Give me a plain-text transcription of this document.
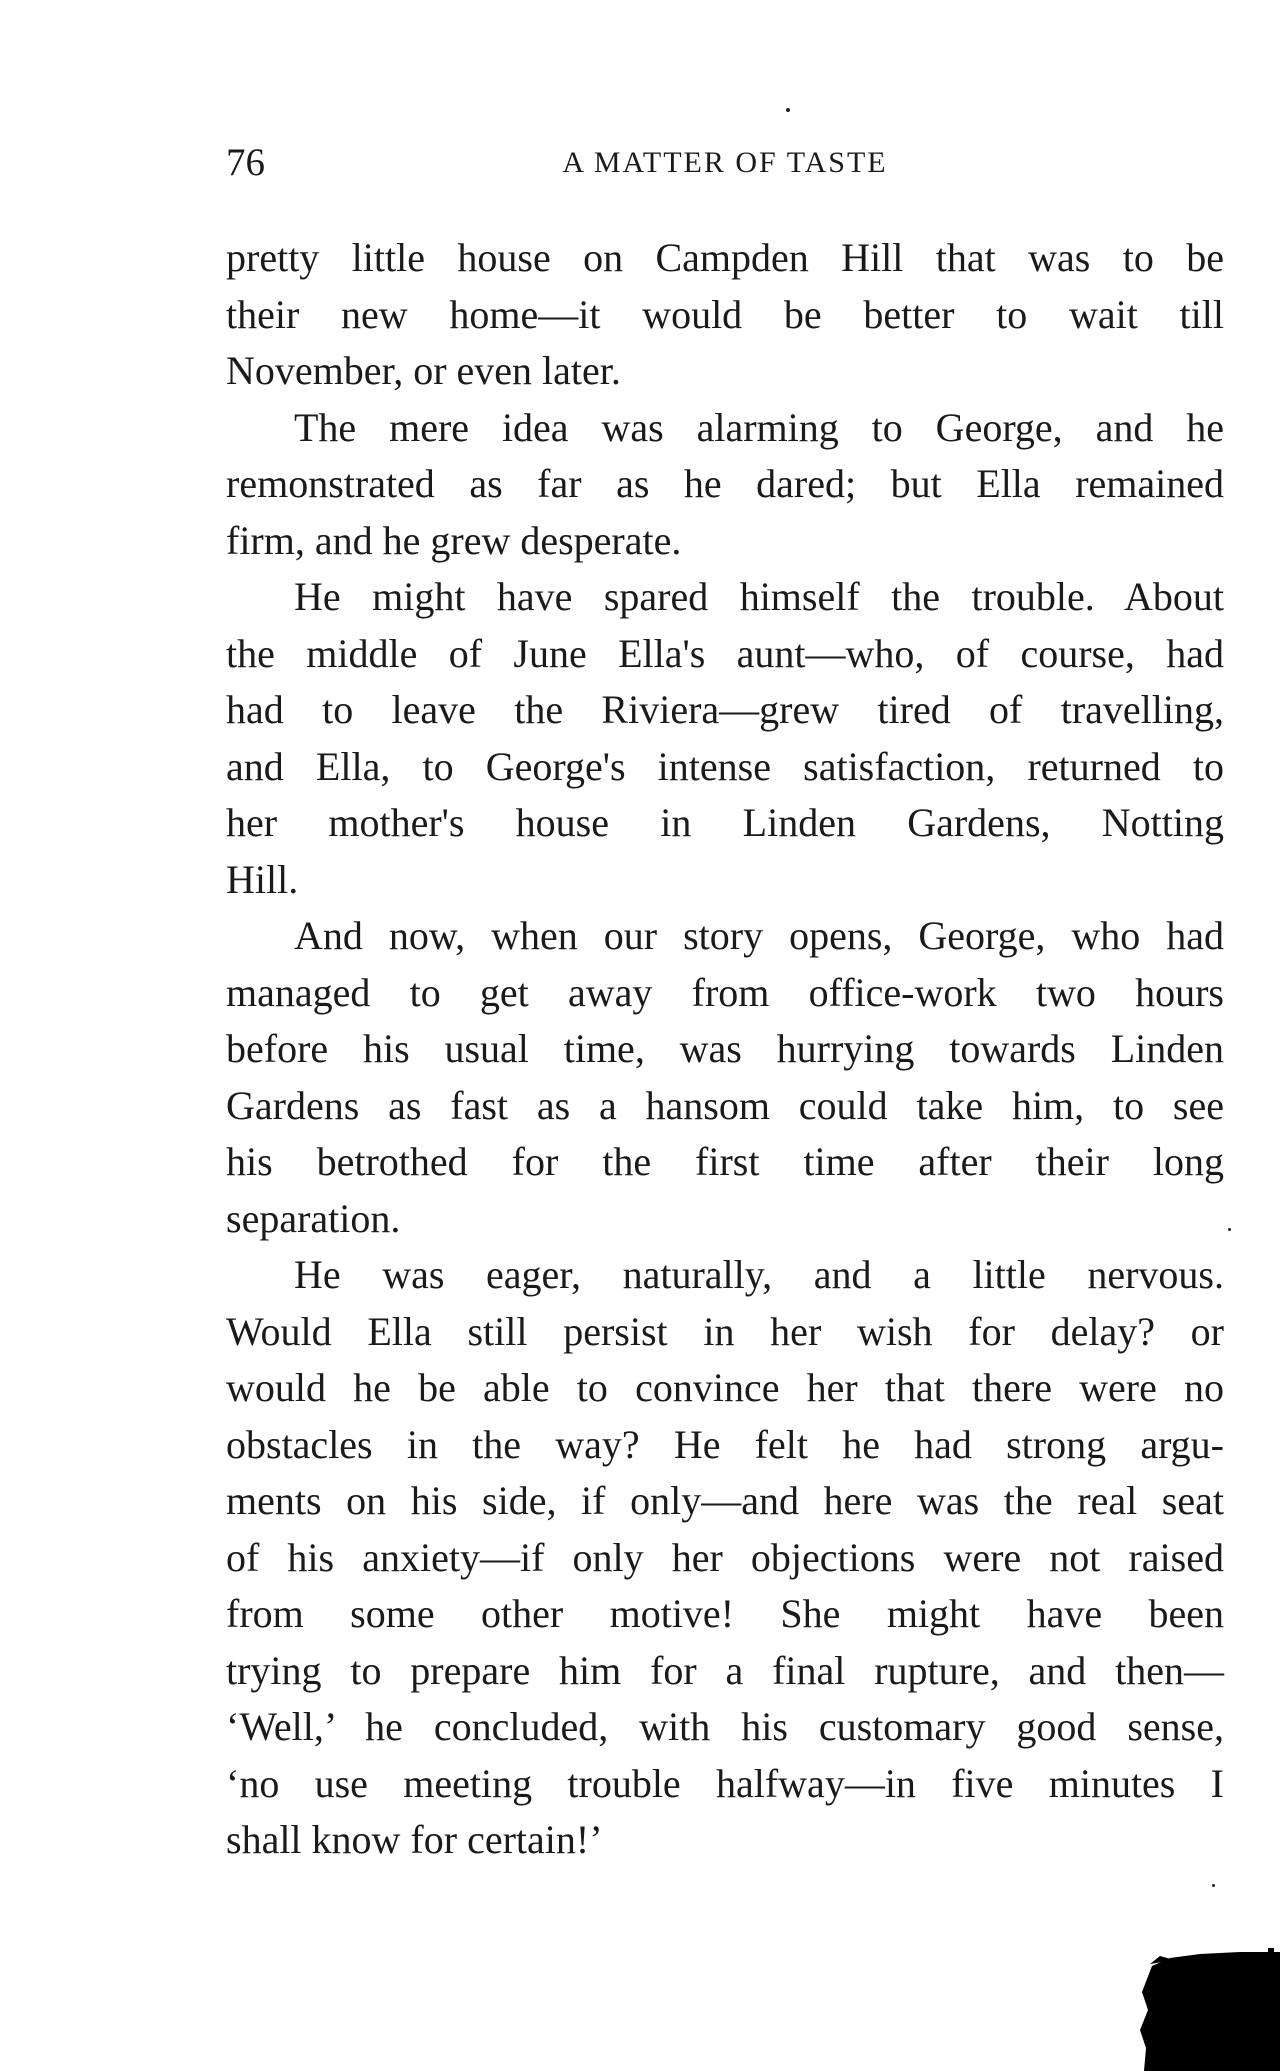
76	A MATTER OF TASTE
pretty little house on Campden Hill that was to be
their new home—it would be better to wait till
November, or even later.
The mere idea was alarming to George, and he
remonstrated as far as he dared; but Ella remained
firm, and he grew desperate.
He might have spared himself the trouble. About
the middle of June Ella's aunt—who, of course, had
had to leave the Riviera—grew tired of travelling,
and Ella, to George's intense satisfaction, returned to
her mother's house in Linden Gardens, Notting
Hill.
And now, when our story opens, George, who had
managed to get away from office-work two hours
before his usual time, was hurrying towards Linden
Gardens as fast as a hansom could take him, to see
his betrothed for the first time after their long
separation.
He was eager, naturally, and a little nervous.
Would Ella still persist in her wish for delay? or
would he be able to convince her that there were no
obstacles in the way? He felt he had strong argu-
ments on his side, if only—and here was the real seat
of his anxiety—if only her objections were not raised
from some other motive! She might have been
trying to prepare him for a final rupture, and then—
‘Well,’ he concluded, with his customary good sense,
‘no use meeting trouble halfway—in five minutes I
shall know for certain!’
